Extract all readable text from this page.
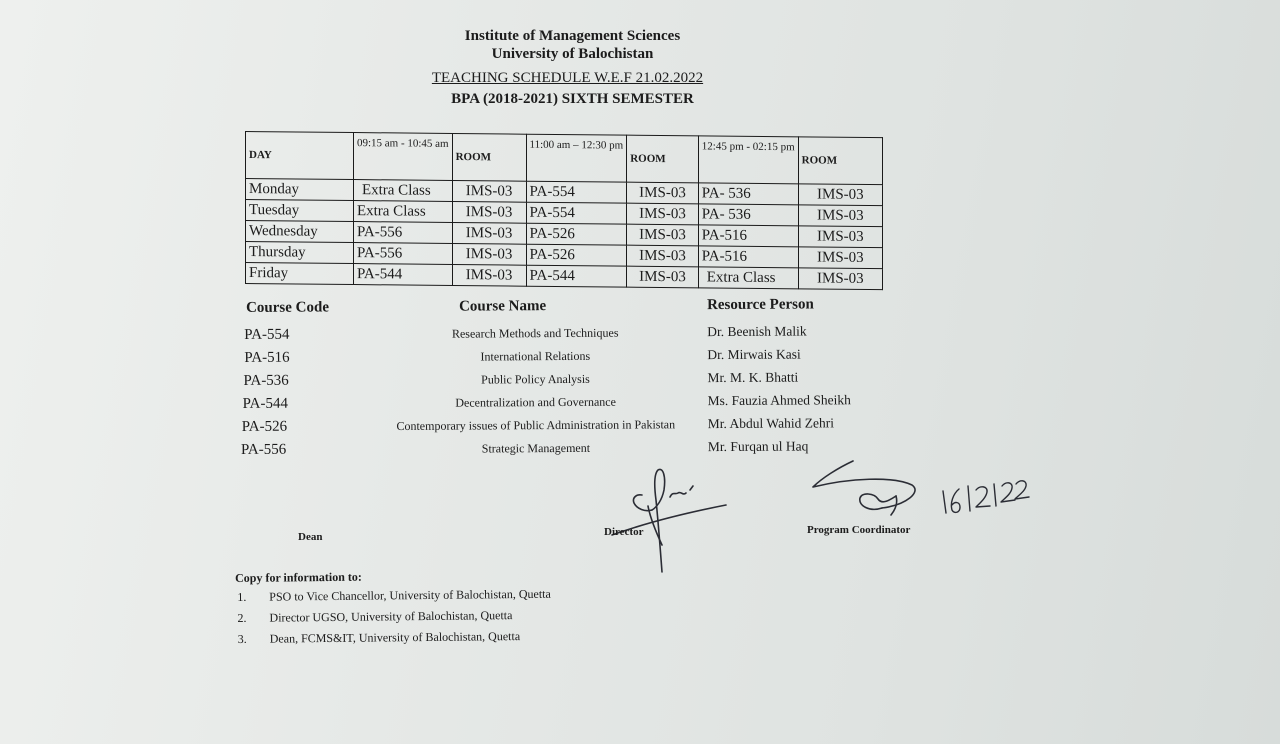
Institute of Management Sciences
University of Balochistan
TEACHING SCHEDULE W.E.F 21.02.2022
BPA (2018-2021) SIXTH SEMESTER
DAY	09:15 am - 10:45 am	ROOM	11:00 am – 12:30 pm	ROOM	12:45 pm - 02:15 pm	ROOM
Monday	Extra Class	IMS-03	PA-554	IMS-03	PA- 536	IMS-03
Tuesday	Extra Class	IMS-03	PA-554	IMS-03	PA- 536	IMS-03
Wednesday	PA-556	IMS-03	PA-526	IMS-03	PA-516	IMS-03
Thursday	PA-556	IMS-03	PA-526	IMS-03	PA-516	IMS-03
Friday	PA-544	IMS-03	PA-544	IMS-03	Extra Class	IMS-03
Course Code	Course Name	Resource Person
PA-554	Research Methods and Techniques	Dr. Beenish Malik
PA-516	International Relations	Dr. Mirwais Kasi
PA-536	Public Policy Analysis	Mr. M. K. Bhatti
PA-544	Decentralization and Governance	Ms. Fauzia Ahmed Sheikh
PA-526	Contemporary issues of Public Administration in Pakistan	Mr. Abdul Wahid Zehri
PA-556	Strategic Management	Mr. Furqan ul Haq
Dean	Director	Program Coordinator
Copy for information to:
1. PSO to Vice Chancellor, University of Balochistan, Quetta
2. Director UGSO, University of Balochistan, Quetta
3. Dean, FCMS&IT, University of Balochistan, Quetta
